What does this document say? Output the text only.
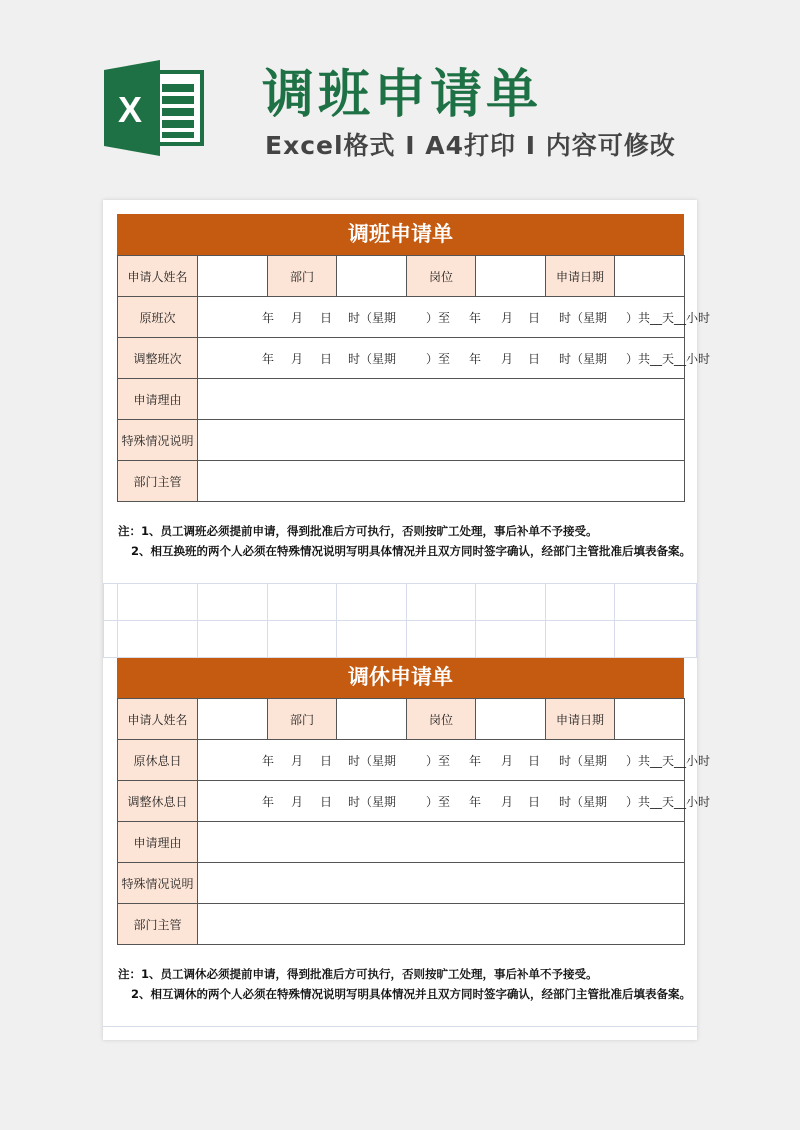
X 调班申请单
Excel格式 I A4打印 I 内容可修改
调班申请单
申请人姓名	部门	岗位	申请日期
原班次	年 月 日 时（星期 ）至 年 月 日 时（星期 ）共__天__小时
调整班次	年 月 日 时（星期 ）至 年 月 日 时（星期 ）共__天__小时
申请理由
特殊情况说明
部门主管
注：1、员工调班必须提前申请，得到批准后方可执行，否则按旷工处理，事后补单不予接受。
2、相互换班的两个人必须在特殊情况说明写明具体情况并且双方同时签字确认，经部门主管批准后填表备案。
调休申请单
申请人姓名	部门	岗位	申请日期
原休息日	年 月 日 时（星期 ）至 年 月 日 时（星期 ）共__天__小时
调整休息日	年 月 日 时（星期 ）至 年 月 日 时（星期 ）共__天__小时
申请理由
特殊情况说明
部门主管
注：1、员工调休必须提前申请，得到批准后方可执行，否则按旷工处理，事后补单不予接受。
2、相互调休的两个人必须在特殊情况说明写明具体情况并且双方同时签字确认，经部门主管批准后填表备案。
